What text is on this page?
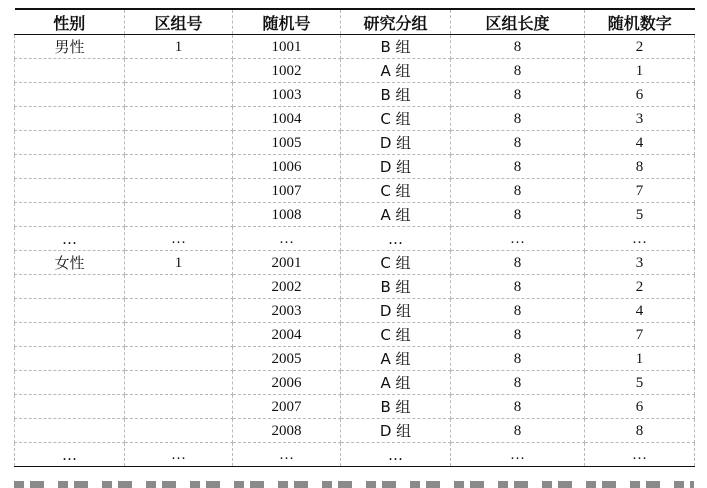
性别	区组号	随机号	研究分组	区组长度	随机数字
男性	1	1001	B 组	8	2
		1002	A 组	8	1
		1003	B 组	8	6
		1004	C 组	8	3
		1005	D 组	8	4
		1006	D 组	8	8
		1007	C 组	8	7
		1008	A 组	8	5
…	…	…	…	…	…
女性	1	2001	C 组	8	3
		2002	B 组	8	2
		2003	D 组	8	4
		2004	C 组	8	7
		2005	A 组	8	1
		2006	A 组	8	5
		2007	B 组	8	6
		2008	D 组	8	8
…	…	…	…	…	…
